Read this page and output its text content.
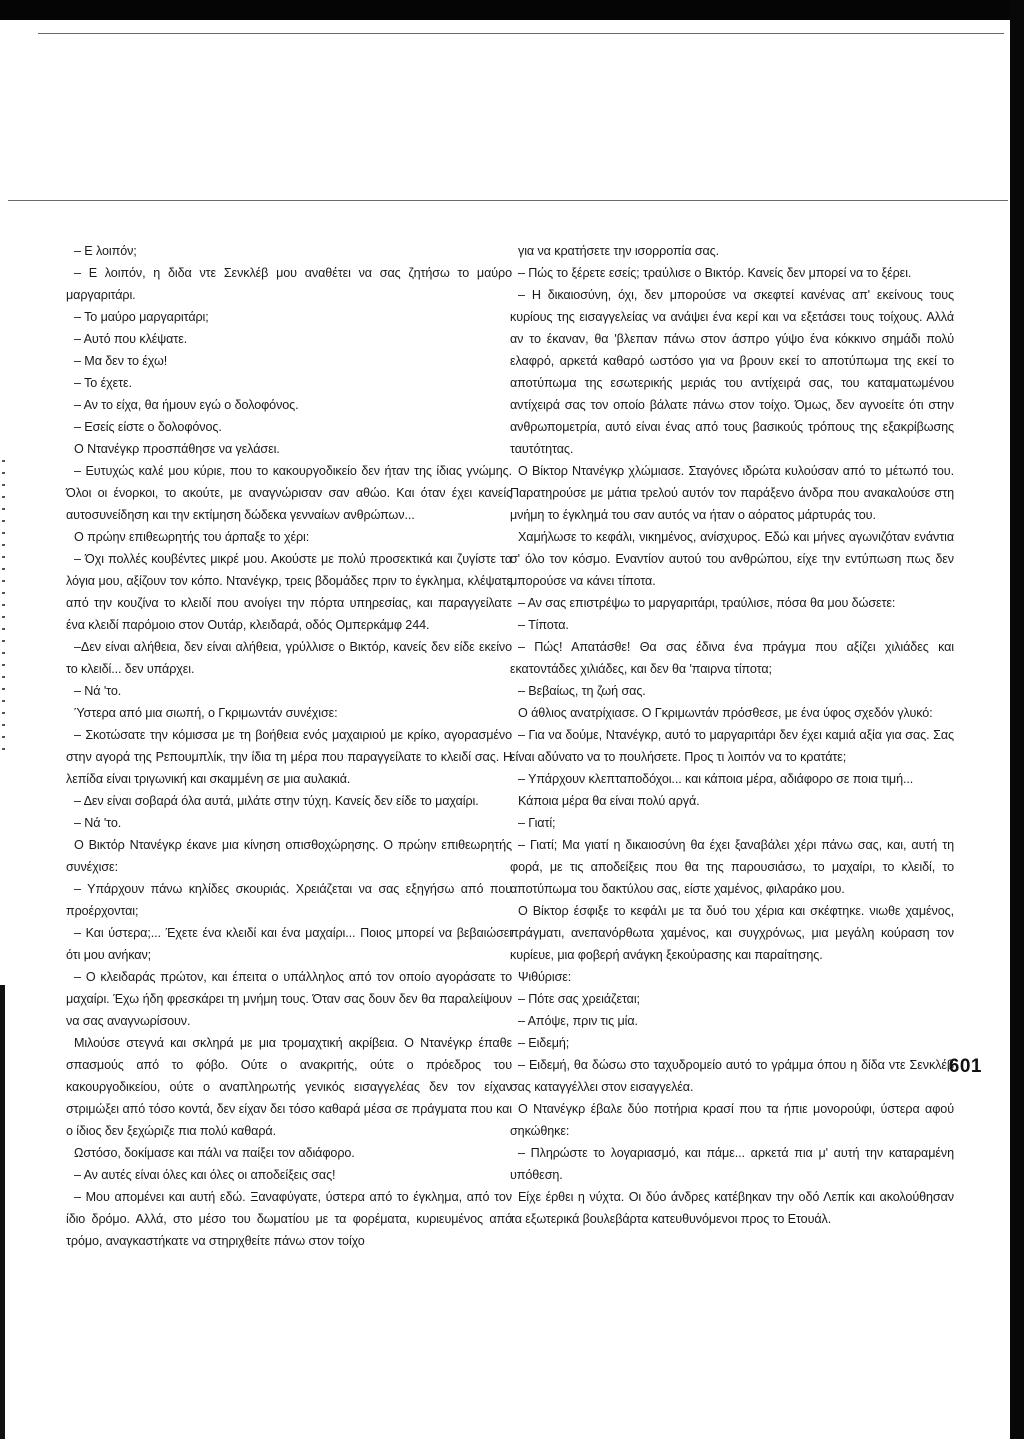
– Ε λοιπόν;

– Ε λοιπόν, η διδα ντε Σενκλέβ μου αναθέτει να σας ζητήσω το μαύρο μαργαριτάρι.

– Το μαύρο μαργαριτάρι;

– Αυτό που κλέψατε.

– Μα δεν το έχω!

– Το έχετε.

– Αν το είχα, θα ήμουν εγώ ο δολοφόνος.

– Εσείς είστε ο δολοφόνος.

Ο Ντανέγκρ προσπάθησε να γελάσει.

– Ευτυχώς καλέ μου κύριε, που το κακουργοδικείο δεν ήταν της ίδιας γνώμης. Όλοι οι ένορκοι, το ακούτε, με αναγνώρισαν σαν αθώο. Και όταν έχει κανείς αυτοσυνείδηση και την εκτίμηση δώδεκα γενναίων ανθρώπων...

Ο πρώην επιθεωρητής του άρπαξε το χέρι:

– Όχι πολλές κουβέντες μικρέ μου. Ακούστε με πολύ προσεκτικά και ζυγίστε τα λόγια μου, αξίζουν τον κόπο. Ντανέγκρ, τρεις βδομάδες πριν το έγκλημα, κλέψατε από την κουζίνα το κλειδί που ανοίγει την πόρτα υπηρεσίας, και παραγγείλατε ένα κλειδί παρόμοιο στον Ουτάρ, κλειδαρά, οδός Ομπερκάμφ 244.

–Δεν είναι αλήθεια, δεν είναι αλήθεια, γρύλλισε ο Βικτόρ, κανείς δεν είδε εκείνο το κλειδί... δεν υπάρχει.

– Νά 'το.

Ύστερα από μια σιωπή, ο Γκριμωντάν συνέχισε:

– Σκοτώσατε την κόμισσα με τη βοήθεια ενός μαχαιριού με κρίκο, αγορασμένο στην αγορά της Ρεπουμπλίκ, την ίδια τη μέρα που παραγγείλατε το κλειδί σας. Η λεπίδα είναι τριγωνική και σκαμμένη σε μια αυλακιά.

– Δεν είναι σοβαρά όλα αυτά, μιλάτε στην τύχη. Κανείς δεν είδε το μαχαίρι.

– Νά 'το.

Ο Βικτόρ Ντανέγκρ έκανε μια κίνηση οπισθοχώρησης. Ο πρώην επιθεωρητής συνέχισε:

– Υπάρχουν πάνω κηλίδες σκουριάς. Χρειάζεται να σας εξηγήσω από που προέρχονται;

– Και ύστερα;... Έχετε ένα κλειδί και ένα μαχαίρι... Ποιος μπορεί να βεβαιώσει ότι μου ανήκαν;

– Ο κλειδαράς πρώτον, και έπειτα ο υπάλληλος από τον οποίο αγοράσατε το μαχαίρι. Έχω ήδη φρεσκάρει τη μνήμη τους. Όταν σας δουν δεν θα παραλείψουν να σας αναγνωρίσουν.

Μιλούσε στεγνά και σκληρά με μια τρομαχτική ακρίβεια. Ο Ντανέγκρ έπαθε σπασμούς από το φόβο. Ούτε ο ανακριτής, ούτε ο πρόεδρος του κακουργοδικείου, ούτε ο αναπληρωτής γενικός εισαγγελέας δεν τον είχαν στριμώξει από τόσο κοντά, δεν είχαν δει τόσο καθαρά μέσα σε πράγματα που και ο ίδιος δεν ξεχώριζε πια πολύ καθαρά.

Ωστόσο, δοκίμασε και πάλι να παίξει τον αδιάφορο.

– Αν αυτές είναι όλες και όλες οι αποδείξεις σας!

– Μου απομένει και αυτή εδώ. Ξαναφύγατε, ύστερα από το έγκλημα, από τον ίδιο δρόμο. Αλλά, στο μέσο του δωματίου με τα φορέματα, κυριευμένος από τρόμο, αναγκαστήκατε να στηριχθείτε πάνω στον τοίχο

για να κρατήσετε την ισορροπία σας.

– Πώς το ξέρετε εσείς; τραύλισε ο Βικτόρ. Κανείς δεν μπορεί να το ξέρει.

– Η δικαιοσύνη, όχι, δεν μπορούσε να σκεφτεί κανένας απ' εκείνους τους κυρίους της εισαγγελείας να ανάψει ένα κερί και να εξετάσει τους τοίχους. Αλλά αν το έκαναν, θα 'βλεπαν πάνω στον άσπρο γύψο ένα κόκκινο σημάδι πολύ ελαφρό, αρκετά καθαρό ωστόσο για να βρουν εκεί το αποτύπωμα της εκεί το αποτύπωμα της εσωτερικής μεριάς του αντίχειρά σας, του καταματωμένου αντίχειρά σας τον οποίο βάλατε πάνω στον τοίχο. Όμως, δεν αγνοείτε ότι στην ανθρωπομετρία, αυτό είναι ένας από τους βασικούς τρόπους της εξακρίβωσης ταυτότητας.

Ο Βίκτορ Ντανέγκρ χλώμιασε. Σταγόνες ιδρώτα κυλούσαν από το μέτωπό του. Παρατηρούσε με μάτια τρελού αυτόν τον παράξενο άνδρα που ανακαλούσε στη μνήμη το έγκλημά του σαν αυτός να ήταν ο αόρατος μάρτυράς του.

Χαμήλωσε το κεφάλι, νικημένος, ανίσχυρος. Εδώ και μήνες αγωνιζόταν ενάντια σ' όλο τον κόσμο. Εναντίον αυτού του ανθρώπου, είχε την εντύπωση πως δεν μπορούσε να κάνει τίποτα.

– Αν σας επιστρέψω το μαργαριτάρι, τραύλισε, πόσα θα μου δώσετε:

– Τίποτα.

– Πώς! Απατάσθε! Θα σας έδινα ένα πράγμα που αξίζει χιλιάδες και εκατοντάδες χιλιάδες, και δεν θα 'παιρνα τίποτα;

– Βεβαίως, τη ζωή σας.

Ο άθλιος ανατρίχιασε. Ο Γκριμωντάν πρόσθεσε, με ένα ύφος σχεδόν γλυκό:

– Για να δούμε, Ντανέγκρ, αυτό το μαργαριτάρι δεν έχει καμιά αξία για σας. Σας είναι αδύνατο να το πουλήσετε. Προς τι λοιπόν να το κρατάτε;

– Υπάρχουν κλεπταποδόχοι... και κάποια μέρα, αδιάφορο σε ποια τιμή...

Κάποια μέρα θα είναι πολύ αργά.

– Γιατί;

– Γιατί; Μα γιατί η δικαιοσύνη θα έχει ξαναβάλει χέρι πάνω σας, και, αυτή τη φορά, με τις αποδείξεις που θα της παρουσιάσω, το μαχαίρι, το κλειδί, το αποτύπωμα του δακτύλου σας, είστε χαμένος, φιλαράκο μου.

Ο Βίκτορ έσφιξε το κεφάλι με τα δυό του χέρια και σκέφτηκε. νιωθε χαμένος, πράγματι, ανεπανόρθωτα χαμένος, και συγχρόνως, μια μεγάλη κούραση τον κυρίευε, μια φοβερή ανάγκη ξεκούρασης και παραίτησης.

Ψιθύρισε:

– Πότε σας χρειάζεται;

– Απόψε, πριν τις μία.

– Ειδεμή;

– Ειδεμή, θα δώσω στο ταχυδρομείο αυτό το γράμμα όπου η δίδα ντε Σενκλέβ σας καταγγέλλει στον εισαγγελέα.

Ο Ντανέγκρ έβαλε δύο ποτήρια κρασί που τα ήπιε μονορούφι, ύστερα αφού σηκώθηκε:

– Πληρώστε το λογαριασμό, και πάμε... αρκετά πια μ' αυτή την καταραμένη υπόθεση.

Είχε έρθει η νύχτα. Οι δύο άνδρες κατέβηκαν την οδό Λεπίκ και ακολούθησαν τα εξωτερικά βουλεβάρτα κατευθυνόμενοι προς το Ετουάλ.

601
